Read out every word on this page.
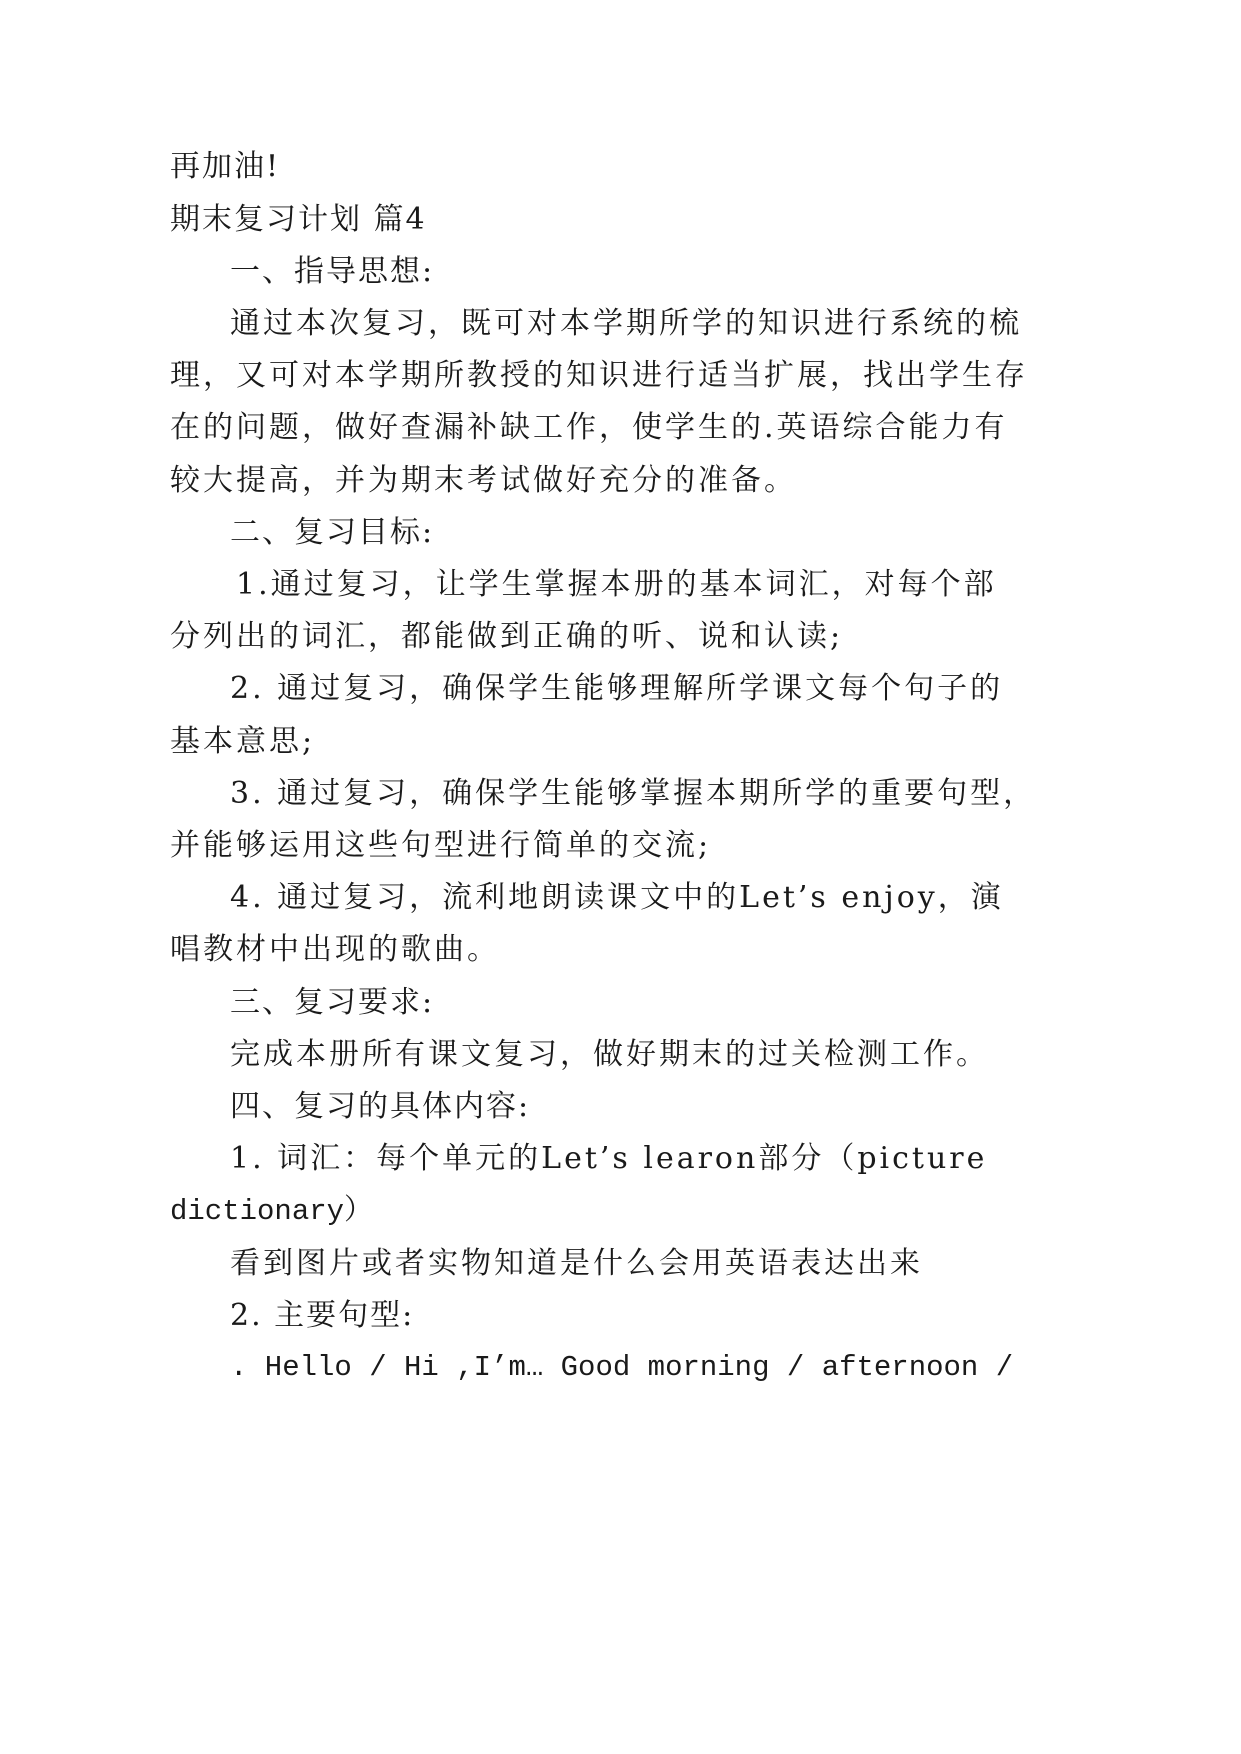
再加油!
期末复习计划 篇4
一、指导思想:
通过本次复习，既可对本学期所学的知识进行系统的梳
理，又可对本学期所教授的知识进行适当扩展，找出学生存
在的问题，做好查漏补缺工作，使学生的.英语综合能力有
较大提高，并为期末考试做好充分的准备。
二、复习目标:
1.通过复习，让学生掌握本册的基本词汇，对每个部
分列出的词汇，都能做到正确的听、说和认读;
2. 通过复习，确保学生能够理解所学课文每个句子的
基本意思;
3. 通过复习，确保学生能够掌握本期所学的重要句型，
并能够运用这些句型进行简单的交流;
4. 通过复习，流利地朗读课文中的Let’s enjoy，演
唱教材中出现的歌曲。
三、复习要求:
完成本册所有课文复习，做好期末的过关检测工作。
四、复习的具体内容:
1. 词汇：每个单元的Let’s learon部分（picture
dictionary）
看到图片或者实物知道是什么会用英语表达出来
2. 主要句型:
. Hello / Hi ,I’m… Good morning / afternoon /
